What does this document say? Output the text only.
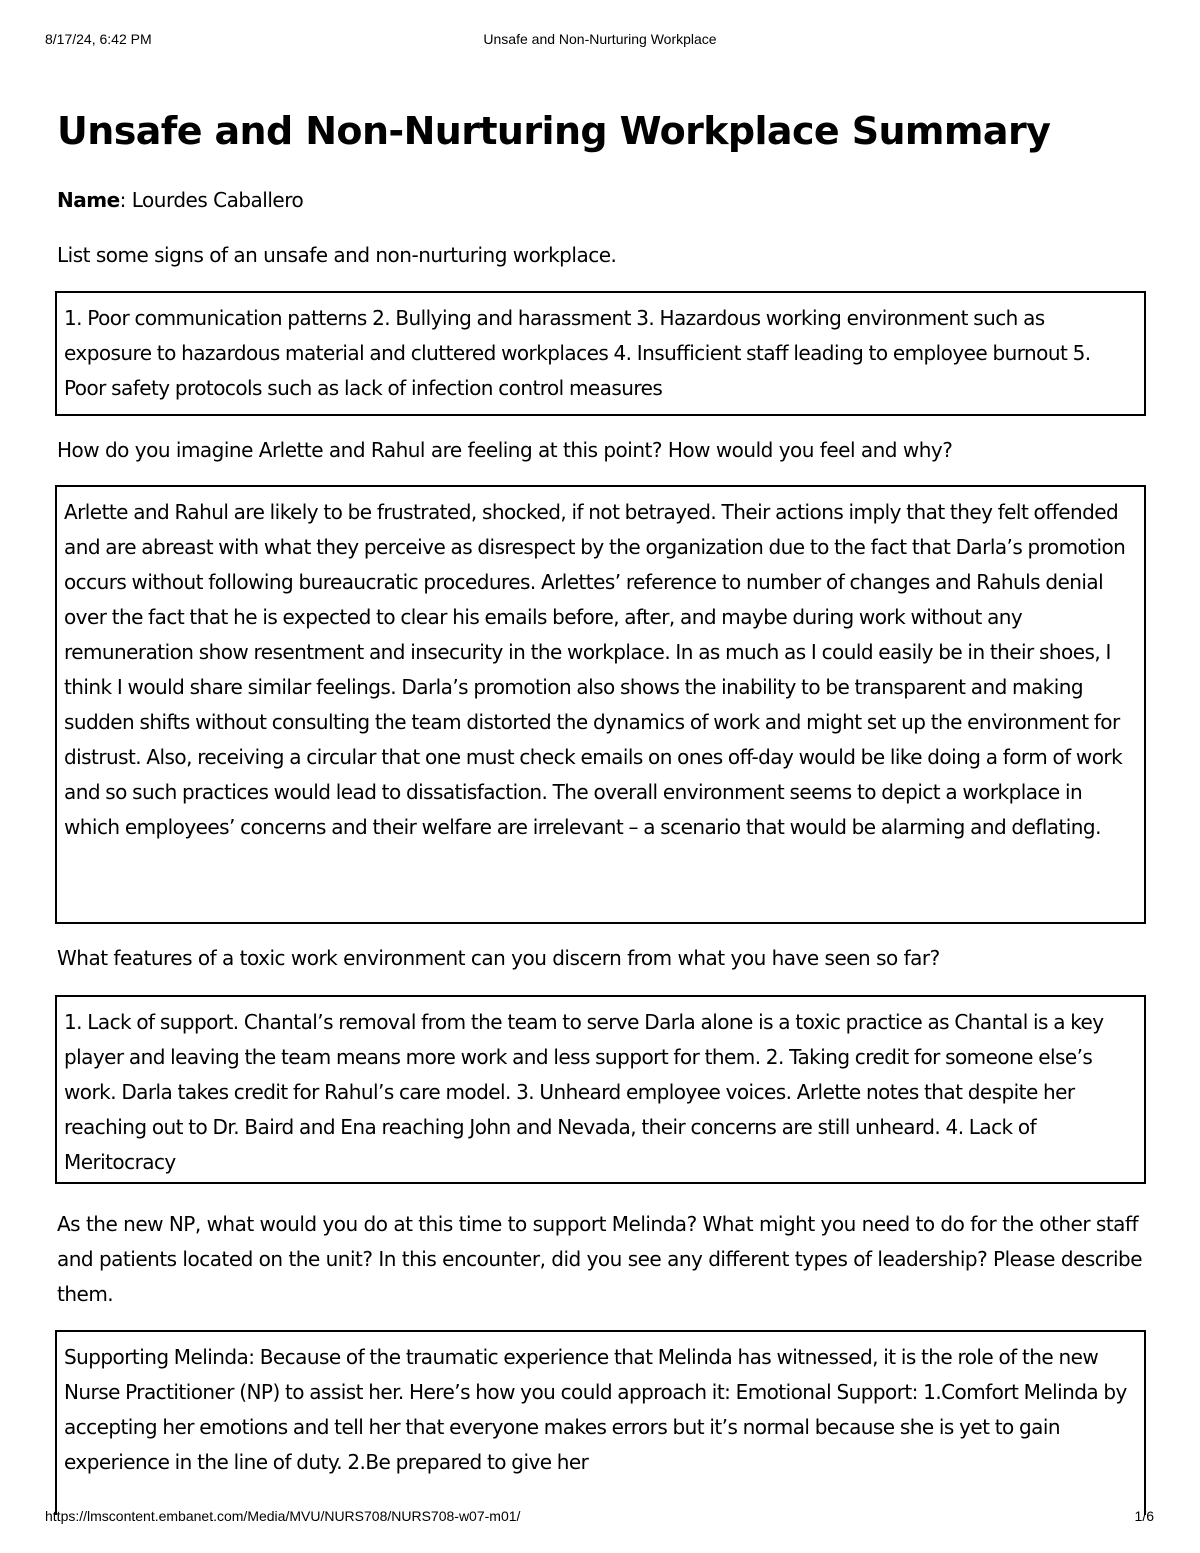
8/17/24, 6:42 PM	Unsafe and Non-Nurturing Workplace
Unsafe and Non-Nurturing Workplace Summary
Name: Lourdes Caballero

List some signs of an unsafe and non-nurturing workplace.

1. Poor communication patterns 2. Bullying and harassment 3. Hazardous working environment such as exposure to hazardous material and cluttered workplaces 4. Insufficient staff leading to employee burnout 5. Poor safety protocols such as lack of infection control measures

How do you imagine Arlette and Rahul are feeling at this point? How would you feel and why?

Arlette and Rahul are likely to be frustrated, shocked, if not betrayed. Their actions imply that they felt offended and are abreast with what they perceive as disrespect by the organization due to the fact that Darla’s promotion occurs without following bureaucratic procedures. Arlettes’ reference to number of changes and Rahuls denial over the fact that he is expected to clear his emails before, after, and maybe during work without any remuneration show resentment and insecurity in the workplace. In as much as I could easily be in their shoes, I think I would share similar feelings. Darla’s promotion also shows the inability to be transparent and making sudden shifts without consulting the team distorted the dynamics of work and might set up the environment for distrust. Also, receiving a circular that one must check emails on ones off-day would be like doing a form of work and so such practices would lead to dissatisfaction. The overall environment seems to depict a workplace in which employees’ concerns and their welfare are irrelevant – a scenario that would be alarming and deflating.

What features of a toxic work environment can you discern from what you have seen so far?

1. Lack of support. Chantal’s removal from the team to serve Darla alone is a toxic practice as Chantal is a key player and leaving the team means more work and less support for them. 2. Taking credit for someone else’s work. Darla takes credit for Rahul’s care model. 3. Unheard employee voices. Arlette notes that despite her reaching out to Dr. Baird and Ena reaching John and Nevada, their concerns are still unheard. 4. Lack of Meritocracy

As the new NP, what would you do at this time to support Melinda? What might you need to do for the other staff and patients located on the unit? In this encounter, did you see any different types of leadership? Please describe them.

Supporting Melinda: Because of the traumatic experience that Melinda has witnessed, it is the role of the new Nurse Practitioner (NP) to assist her. Here’s how you could approach it: Emotional Support: 1.Comfort Melinda by accepting her emotions and tell her that everyone makes errors but it’s normal because she is yet to gain experience in the line of duty. 2.Be prepared to give her
https://lmscontent.embanet.com/Media/MVU/NURS708/NURS708-w07-m01/	1/6
